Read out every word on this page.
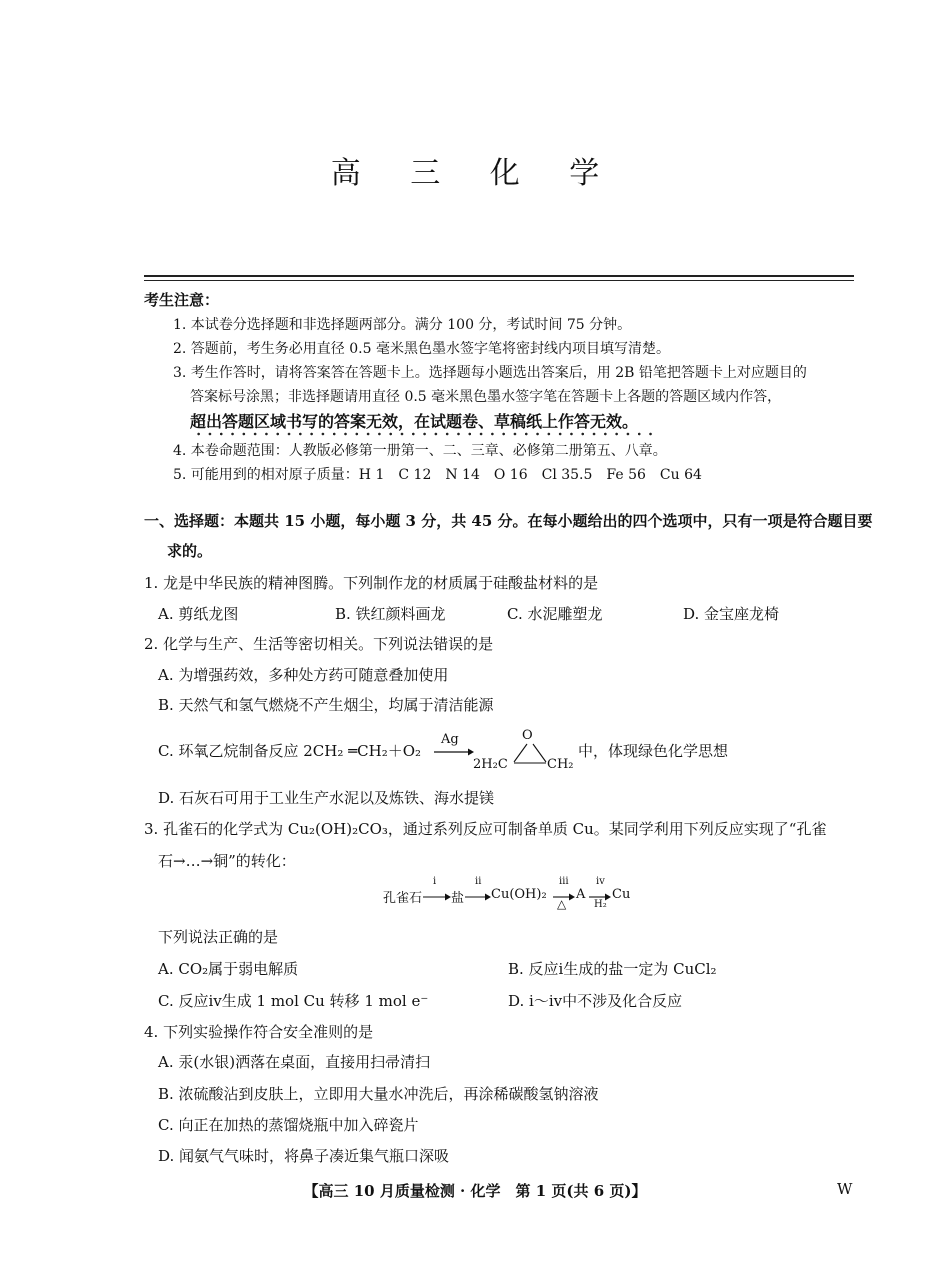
高 三 化 学
考生注意：
1. 本试卷分选择题和非选择题两部分。满分 100 分，考试时间 75 分钟。
2. 答题前，考生务必用直径 0.5 毫米黑色墨水签字笔将密封线内项目填写清楚。
3. 考生作答时，请将答案答在答题卡上。选择题每小题选出答案后，用 2B 铅笔把答题卡上对应题目的
答案标号涂黑；非选择题请用直径 0.5 毫米黑色墨水签字笔在答题卡上各题的答题区域内作答，
超出答题区域书写的答案无效，在试题卷、草稿纸上作答无效。
4. 本卷命题范围：人教版必修第一册第一、二、三章、必修第二册第五、八章。
5. 可能用到的相对原子质量：H 1　C 12　N 14　O 16　Cl 35.5　Fe 56　Cu 64
一、选择题：本题共 15 小题，每小题 3 分，共 45 分。在每小题给出的四个选项中，只有一项是符合题目要
求的。
1. 龙是中华民族的精神图腾。下列制作龙的材质属于硅酸盐材料的是
A. 剪纸龙图	B. 铁红颜料画龙	C. 水泥雕塑龙	D. 金宝座龙椅
2. 化学与生产、生活等密切相关。下列说法错误的是
A. 为增强药效，多种处方药可随意叠加使用
B. 天然气和氢气燃烧不产生烟尘，均属于清洁能源
C. 环氧乙烷制备反应 2CH₂ ═CH₂＋O₂
Ag	O
2H₂C	CH₂
中，体现绿色化学思想
D. 石灰石可用于工业生产水泥以及炼铁、海水提镁
3. 孔雀石的化学式为 Cu₂(OH)₂CO₃，通过系列反应可制备单质 Cu。某同学利用下列反应实现了“孔雀
石→…→铜”的转化：
孔雀石
ⅰ
盐
ⅱ
Cu(OH)₂
ⅲ
△
A
ⅳ
H₂
Cu
下列说法正确的是
A. CO₂属于弱电解质	B. 反应ⅰ生成的盐一定为 CuCl₂
C. 反应ⅳ生成 1 mol Cu 转移 1 mol e⁻	D. ⅰ～ⅳ中不涉及化合反应
4. 下列实验操作符合安全准则的是
A. 汞(水银)洒落在桌面，直接用扫帚清扫
B. 浓硫酸沾到皮肤上，立即用大量水冲洗后，再涂稀碳酸氢钠溶液
C. 向正在加热的蒸馏烧瓶中加入碎瓷片
D. 闻氨气气味时，将鼻子凑近集气瓶口深吸
【高三 10 月质量检测 · 化学　第 1 页(共 6 页)】	W
